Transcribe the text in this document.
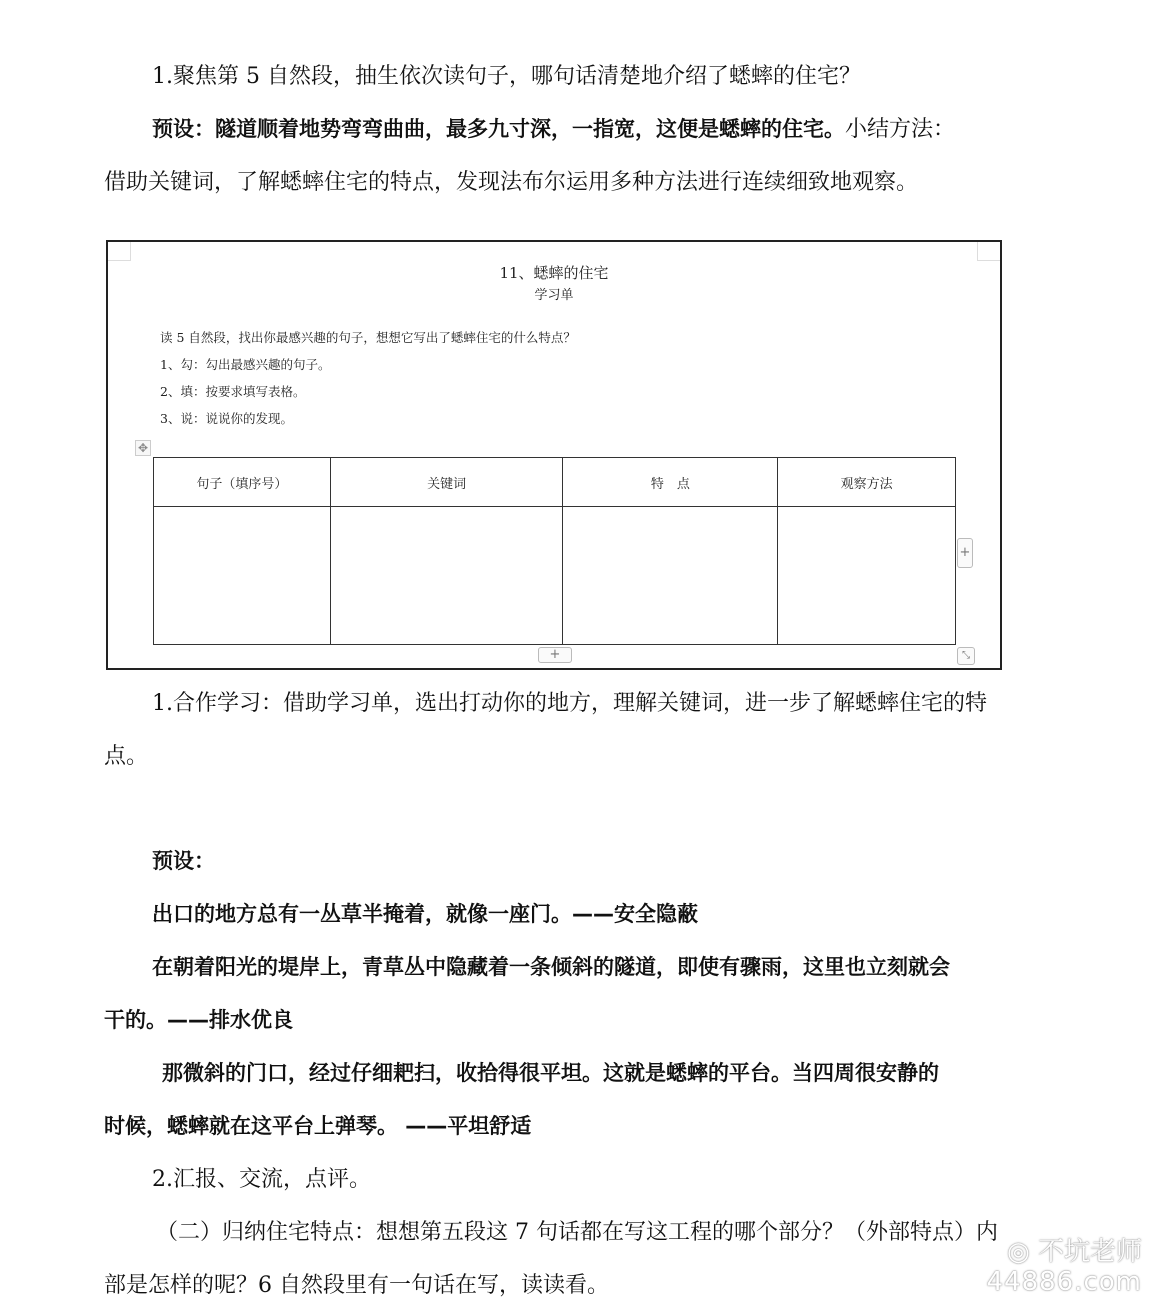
1.聚焦第 5 自然段，抽生依次读句子，哪句话清楚地介绍了蟋蟀的住宅？

预设：隧道顺着地势弯弯曲曲，最多九寸深，一指宽，这便是蟋蟀的住宅。小结方法：

借助关键词，了解蟋蟀住宅的特点，发现法布尔运用多种方法进行连续细致地观察。

11、蟋蟀的住宅
学习单
读 5 自然段，找出你最感兴趣的句子，想想它写出了蟋蟀住宅的什么特点？
1、勾：勾出最感兴趣的句子。
2、填：按要求填写表格。
3、说：说说你的发现。
✥
句子（填序号）	关键词	特　点	观察方法

+
+	⤡

1.合作学习：借助学习单，选出打动你的地方，理解关键词，进一步了解蟋蟀住宅的特

点。

预设：

出口的地方总有一丛草半掩着，就像一座门。——安全隐蔽

在朝着阳光的堤岸上，青草丛中隐藏着一条倾斜的隧道，即使有骤雨，这里也立刻就会

干的。——排水优良

那微斜的门口，经过仔细耙扫，收拾得很平坦。这就是蟋蟀的平台。当四周很安静的

时候，蟋蟀就在这平台上弹琴。 ——平坦舒适

2.汇报、交流，点评。

（二）归纳住宅特点：想想第五段这 7 句话都在写这工程的哪个部分？（外部特点）内

部是怎样的呢？6 自然段里有一句话在写，读读看。

◎ 不坑老师
44886.com
